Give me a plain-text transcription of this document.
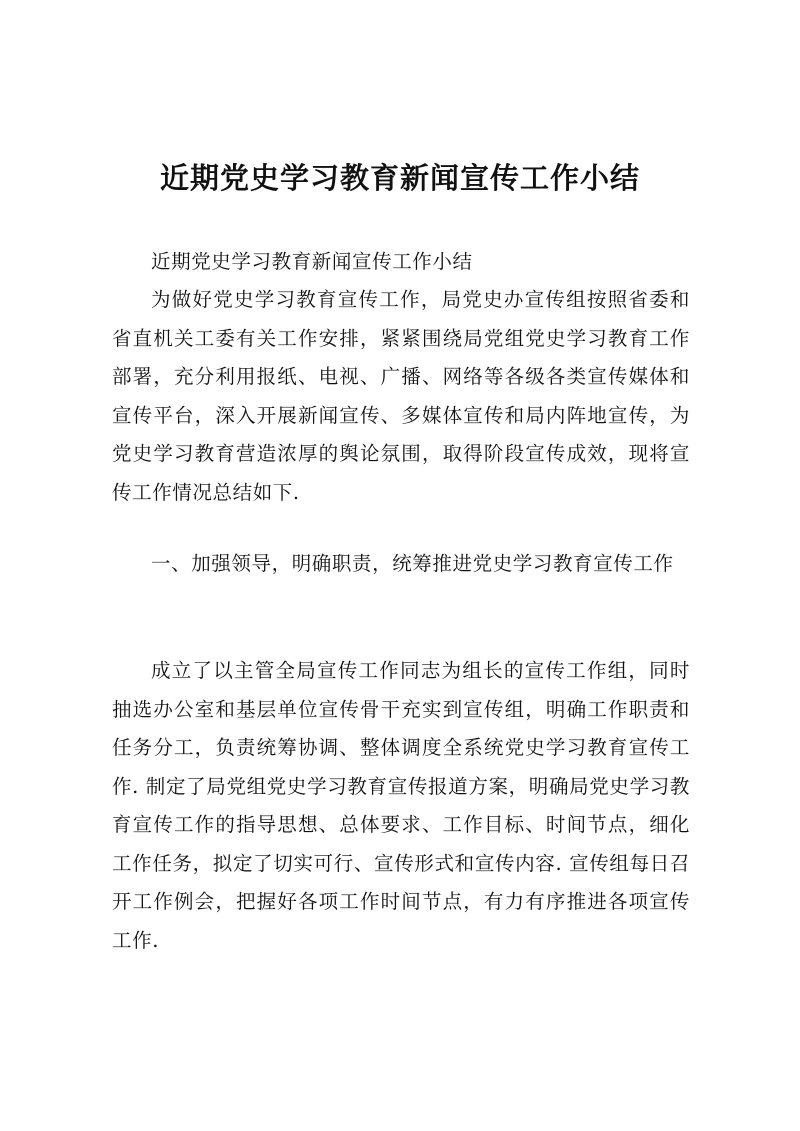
近期党史学习教育新闻宣传工作小结

近期党史学习教育新闻宣传工作小结

为做好党史学习教育宣传工作，局党史办宣传组按照省委和省直机关工委有关工作安排，紧紧围绕局党组党史学习教育工作部署，充分利用报纸、电视、广播、网络等各级各类宣传媒体和宣传平台，深入开展新闻宣传、多媒体宣传和局内阵地宣传，为党史学习教育营造浓厚的舆论氛围，取得阶段宣传成效，现将宣传工作情况总结如下.

一、加强领导，明确职责，统筹推进党史学习教育宣传工作

成立了以主管全局宣传工作同志为组长的宣传工作组，同时抽选办公室和基层单位宣传骨干充实到宣传组，明确工作职责和任务分工，负责统筹协调、整体调度全系统党史学习教育宣传工作. 制定了局党组党史学习教育宣传报道方案，明确局党史学习教育宣传工作的指导思想、总体要求、工作目标、时间节点，细化工作任务，拟定了切实可行、宣传形式和宣传内容. 宣传组每日召开工作例会，把握好各项工作时间节点，有力有序推进各项宣传工作.
